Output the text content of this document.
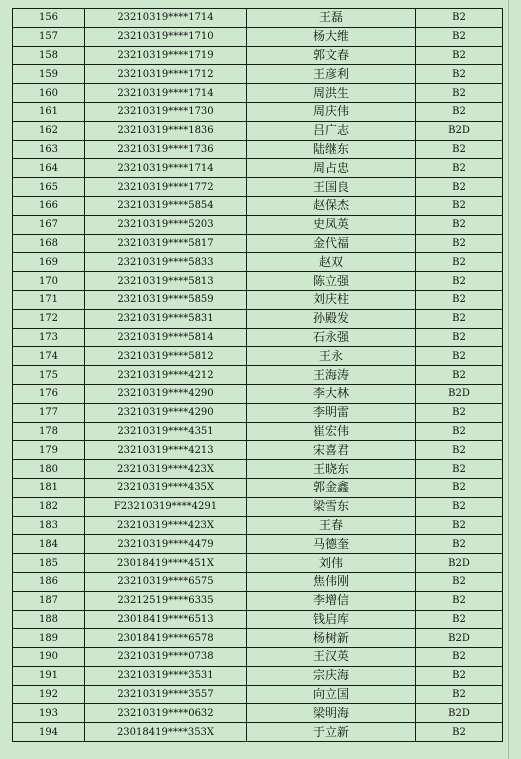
156	23210319****1714	王磊	B2
157	23210319****1710	杨大维	B2
158	23210319****1719	郭文春	B2
159	23210319****1712	王彦利	B2
160	23210319****1714	周洪生	B2
161	23210319****1730	周庆伟	B2
162	23210319****1836	吕广志	B2D
163	23210319****1736	陆继东	B2
164	23210319****1714	周占忠	B2
165	23210319****1772	王国良	B2
166	23210319****5854	赵保杰	B2
167	23210319****5203	史凤英	B2
168	23210319****5817	金代福	B2
169	23210319****5833	赵双	B2
170	23210319****5813	陈立强	B2
171	23210319****5859	刘庆柱	B2
172	23210319****5831	孙殿发	B2
173	23210319****5814	石永强	B2
174	23210319****5812	王永	B2
175	23210319****4212	王海涛	B2
176	23210319****4290	李大林	B2D
177	23210319****4290	李明雷	B2
178	23210319****4351	崔宏伟	B2
179	23210319****4213	宋喜君	B2
180	23210319****423X	王晓东	B2
181	23210319****435X	郭金鑫	B2
182	F23210319****4291	梁雪东	B2
183	23210319****423X	王春	B2
184	23210319****4479	马德奎	B2
185	23018419****451X	刘伟	B2D
186	23210319****6575	焦伟刚	B2
187	23212519****6335	李增信	B2
188	23018419****6513	钱启库	B2
189	23018419****6578	杨树新	B2D
190	23210319****0738	王汉英	B2
191	23210319****3531	宗庆海	B2
192	23210319****3557	向立国	B2
193	23210319****0632	梁明海	B2D
194	23018419****353X	于立新	B2
